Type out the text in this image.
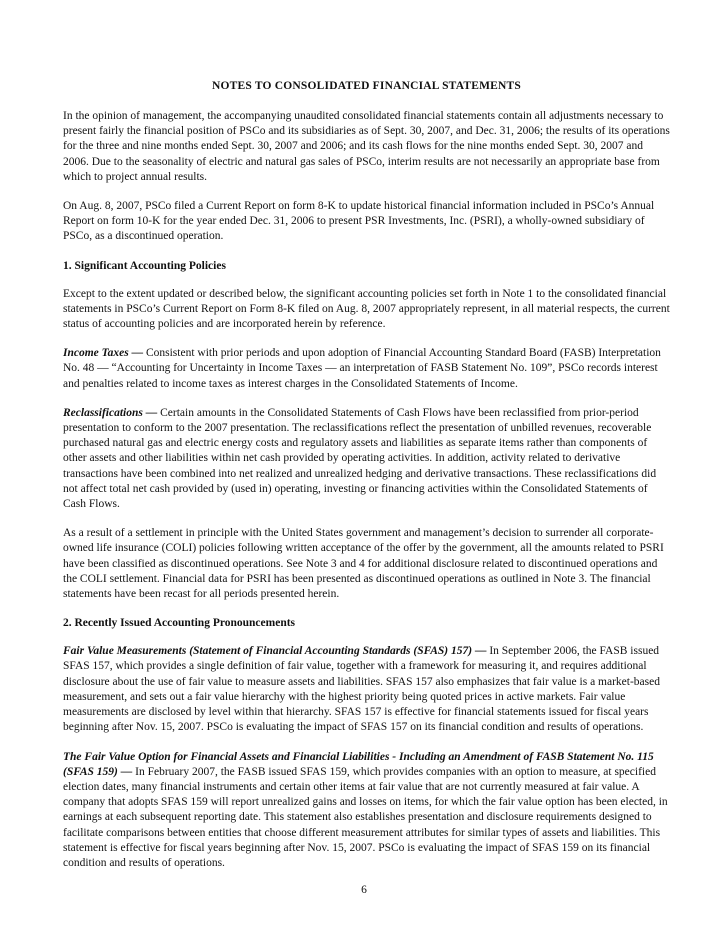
NOTES TO CONSOLIDATED FINANCIAL STATEMENTS

In the opinion of management, the accompanying unaudited consolidated financial statements contain all adjustments necessary to present fairly the financial position of PSCo and its subsidiaries as of Sept. 30, 2007, and Dec. 31, 2006; the results of its operations for the three and nine months ended Sept. 30, 2007 and 2006; and its cash flows for the nine months ended Sept. 30, 2007 and 2006. Due to the seasonality of electric and natural gas sales of PSCo, interim results are not necessarily an appropriate base from which to project annual results.

On Aug. 8, 2007, PSCo filed a Current Report on form 8-K to update historical financial information included in PSCo’s Annual Report on form 10-K for the year ended Dec. 31, 2006 to present PSR Investments, Inc. (PSRI), a wholly-owned subsidiary of PSCo, as a discontinued operation.

1. Significant Accounting Policies

Except to the extent updated or described below, the significant accounting policies set forth in Note 1 to the consolidated financial statements in PSCo’s Current Report on Form 8-K filed on Aug. 8, 2007 appropriately represent, in all material respects, the current status of accounting policies and are incorporated herein by reference.

Income Taxes — Consistent with prior periods and upon adoption of Financial Accounting Standard Board (FASB) Interpretation No. 48 — “Accounting for Uncertainty in Income Taxes — an interpretation of FASB Statement No. 109”, PSCo records interest and penalties related to income taxes as interest charges in the Consolidated Statements of Income.

Reclassifications — Certain amounts in the Consolidated Statements of Cash Flows have been reclassified from prior-period presentation to conform to the 2007 presentation. The reclassifications reflect the presentation of unbilled revenues, recoverable purchased natural gas and electric energy costs and regulatory assets and liabilities as separate items rather than components of other assets and other liabilities within net cash provided by operating activities. In addition, activity related to derivative transactions have been combined into net realized and unrealized hedging and derivative transactions. These reclassifications did not affect total net cash provided by (used in) operating, investing or financing activities within the Consolidated Statements of Cash Flows.

As a result of a settlement in principle with the United States government and management’s decision to surrender all corporate-owned life insurance (COLI) policies following written acceptance of the offer by the government, all the amounts related to PSRI have been classified as discontinued operations. See Note 3 and 4 for additional disclosure related to discontinued operations and the COLI settlement. Financial data for PSRI has been presented as discontinued operations as outlined in Note 3. The financial statements have been recast for all periods presented herein.

2. Recently Issued Accounting Pronouncements

Fair Value Measurements (Statement of Financial Accounting Standards (SFAS) 157) — In September 2006, the FASB issued SFAS 157, which provides a single definition of fair value, together with a framework for measuring it, and requires additional disclosure about the use of fair value to measure assets and liabilities. SFAS 157 also emphasizes that fair value is a market-based measurement, and sets out a fair value hierarchy with the highest priority being quoted prices in active markets. Fair value measurements are disclosed by level within that hierarchy. SFAS 157 is effective for financial statements issued for fiscal years beginning after Nov. 15, 2007. PSCo is evaluating the impact of SFAS 157 on its financial condition and results of operations.

The Fair Value Option for Financial Assets and Financial Liabilities - Including an Amendment of FASB Statement No. 115 (SFAS 159) — In February 2007, the FASB issued SFAS 159, which provides companies with an option to measure, at specified election dates, many financial instruments and certain other items at fair value that are not currently measured at fair value. A company that adopts SFAS 159 will report unrealized gains and losses on items, for which the fair value option has been elected, in earnings at each subsequent reporting date. This statement also establishes presentation and disclosure requirements designed to facilitate comparisons between entities that choose different measurement attributes for similar types of assets and liabilities. This statement is effective for fiscal years beginning after Nov. 15, 2007. PSCo is evaluating the impact of SFAS 159 on its financial condition and results of operations.

6
